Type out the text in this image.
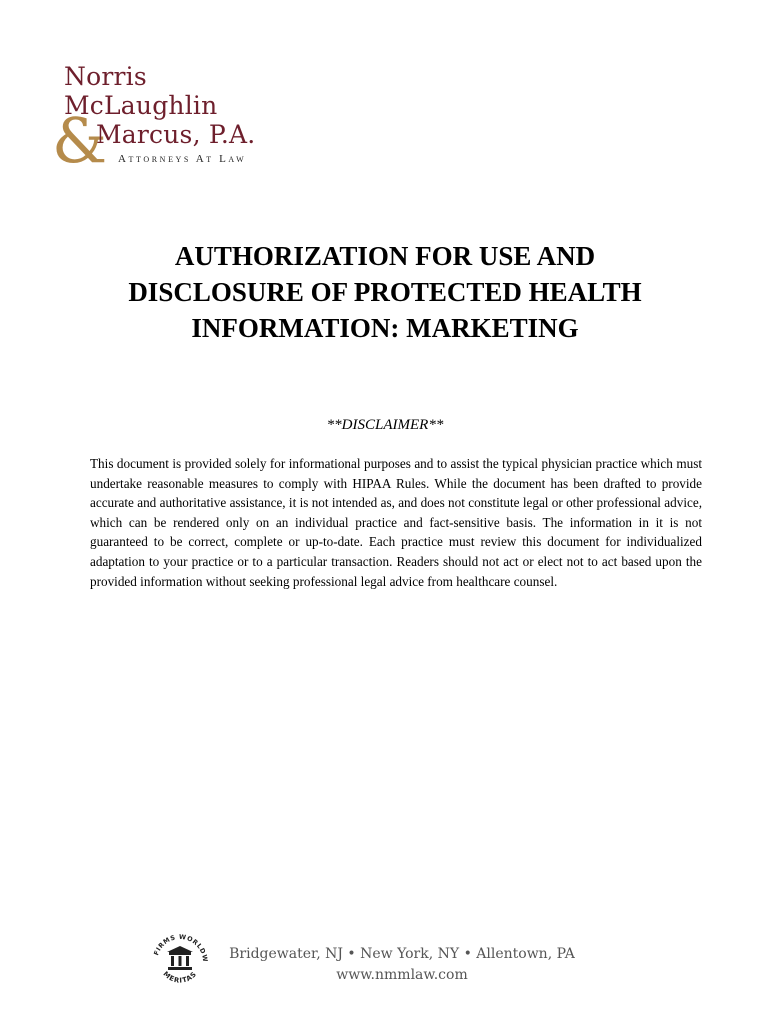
Norris
McLaughlin
&
Marcus, P.A.
Attorneys At Law
AUTHORIZATION FOR USE AND
DISCLOSURE OF PROTECTED HEALTH
INFORMATION: MARKETING
**DISCLAIMER**

This document is provided solely for informational purposes and to assist the typical physician practice which must undertake reasonable measures to comply with HIPAA Rules. While the document has been drafted to provide accurate and authoritative assistance, it is not intended as, and does not constitute legal or other professional advice, which can be rendered only on an individual practice and fact-sensitive basis. The information in it is not guaranteed to be correct, complete or up-to-date. Each practice must review this document for individualized adaptation to your practice or to a particular transaction. Readers should not act or elect not to act based upon the provided information without seeking professional legal advice from healthcare counsel.

FIRMS WORLDW
MERITAS
Bridgewater, NJ • New York, NY • Allentown, PA
www.nmmlaw.com
